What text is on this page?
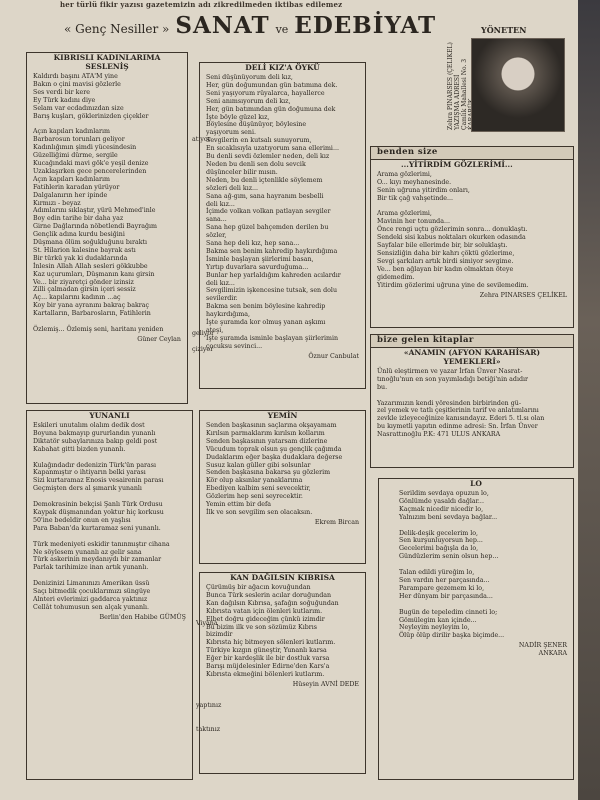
her türlü fikir yazısı gazetemizin adı zikredilmeden iktibas edilemez
« Genç Nesiller » SANAT ve EDEBİYAT	YÖNETEN
Zehra PINARSES (ÇELİKEL) YAZIŞMA ADRESİ Çamlık Mahallesi No. 3
KIBRISLI KADINLARIMA
SESLENİŞ
Kaldırdı başını ATA'M yine
Bakın o çini mavisi gözlerle
Ses verdi bir kere
Ey Türk kadını diye
Selam var ecdadınızdan size
Barış kuşları, göklerinizden çiçekler

Açın kapıları kadınlarım
Barbarosun torunları geliyor
Kadınlığımın şimdi yücesindesin
Güzelliğimi dürme, sergile
Kucağındaki mavi gök'e yeşil denize
Uzaklaşırken gece pencerelerinden
Açın kapıları kadınlarım
Fatihlerin karadan yürüyor
Dalgalanırın her ipinde
Kırmızı - beyaz
Adımlarını sıklaştır, yürü Mehmed'inle
Boy edin tarihe bir daha yaz
Girne Dağlarında nöbetlendi Bayrağım
Gençlik adına kurdu besiğini
Düşmana ölüm soğukluğunu bıraktı
St. Hilarion kalesine bayrak astı
Bir türkü yak ki dudaklarında
İnlesin Allah Allah sesleri gökkubbe
Kaz uçurumları, Düşmanın kanı girsin
Ve... bir ziyaretçi gönder izinsiz
Zilli çalmadan girsin içeri sessiz
Aç... kapılarını kadının ...aç
Koy bir yana ayranını bakraç bakraç
Kartalların, Barbarosların, Fatihlerin

Özlemiş... Özlemiş seni, haritanı yeniden
Güner Ceylan
atıyor
geliyor
çiziyor
DELİ KIZ'A ÖYKÜ
Seni düşünüyorum deli kız,
Her, gün doğumundan gün batımına dek.
Seni yaşıyorum rüyalarca, hayallerce
Seni anımsıyorum deli kız,
Her, gün batımından gün doğumuna dek
İşte böyle güzel kız,
Böylesine düşünüyor, böylesine
yaşıyorum seni.
Sevgilerin en kutsalı sunuyorum,
En sıcaklısıyla uzatıyorum sana ellerimi...
Bu denli sevdi özlemler neden, deli kız
Neden bu denli sen dolu sevcik
düşünceler bilir mısın.
Neden, bu denli içtenlikle söylemem
sözleri deli kız...
Sana ağ-gım, sana hayranım besbelli
deli kız...
İçimde volkan volkan patlayan sevgiler
sana...
Sana hep güzel bahçemden derilen bu
sözler,
Sana hep deli kız, hep sana...
Bakma sen benim kahredip haykırdığıma
İsminle başlayan şiirlerimi basan,
Yırtıp duvarlara savurduğuma...
Bunlar hep yarlaldığım kahreden acılardır
deli kız...
Sevgilimizin işkencesine tutsak, sen dolu
sevilerdir.
Bakma sen benim böylesine kahredip
haykırdığıma,
İşte şuramda kor olmuş yanan aşkımı
ateşi,
İşte şuramda isminle başlayan şiirlerimin
çocuksu sevinci...
Öznur Canbulat
benden size
...YİTİRDİM GÖZLERİMİ...
Arama gözlerimi,
O... kıyı meyhanesinde.
Senin uğruna yitirdim onları,
Bir tik çağ vahşetinde...

Arama gözlerimi,
Mavinin her tonunda...
Önce rengi uçtu gözlerimin sonra... donuklaştı.
Sendeki sisi kabus noktaları okurken odasında
Sayfalar bile ellerimde bir, bir soluklaştı.
Sensizliğin daha bir kahrı çöktü gözlerime,
Sevgi şarkıları artık birdi simiyor sevgime.
Ve... ben ağlayan bir kadın olmaktan öteye
gidemedim.
Yitirdim gözlerimi uğruna yine de sevilemedim.
Zehra PINARSES ÇELİKEL
bize gelen kitaplar
«ANAMIN (AFYON KARAHİSAR)
YEMEKLERİ»
Ünlü eleştirmen ve yazar İrfan Ünver Nasrat-
tınoğlu'nun en son yayımladığı betiği'nin adıdır
bu.

Yazarımızın kendi yöresinden birbirinden gü-
zel yemek ve tatlı çeşitlerinin tarif ve anlatımlarını
zevkle izleyeceğinize kanısındayız. Ederi 5. tl.sı olan
bu kıymetli yapıtın edinme adresi: Sn. İrfan Ünver
Nasrattınoğlu P.K: 471 ULUS ANKARA
YUNANLI
Eskileri unutalım olalım dedik dost
Boyuna bakmayıp gururlandın yunanlı
Diktatör subaylarınıza bakıp geldi post
Kabahat gitti bizden yunanlı.

Kulağındadır dedenizin Türk'ün parası
Kapanmıştır o ihtiyarın belki yarası
Sizi kurtaramaz Enosis vesairenin parası
Geçmişten ders al şımarık yunanlı

Demokrasinin bekçisi Şanlı Türk Ordusu
Kaypak düşmanından yoktur hiç korkusu
50'ine bedeldir onun en yaşlısı
Para Baban'da kurtaramaz seni yunanlı.

Türk medeniyeti eskidir tanınmıştır cihana
Ne söylesem yunanlı az gelir sana
Türk askerinin meydanıydı bir zamanlar
Parlak tarihimize inan artık yunanlı.

Denizinizi Limanınızı Amerikan üssü
Saçı bitmedik çocuklarımızı süngüye
Alnteri evlerimizi gaddarca yaktınız
Cellât tohumusun sen alçak yunanlı.
Berlin'den Habibe GÜMÜŞ
Viyana
yaptınız
taktınız
YEMİN
Senden başkasının saçlarına okşayamam
Kırılsın parmaklarım kırılsın kollarım
Senden başkasının yatarsam dizlerine
Vücudum toprak olsun şu gençlik çağımda
Dudaklarım eğer başka dudaklara değerse
Susuz kalan güller gibi solsunlar
Senden başkasına bakarsa şu gözlerim
Kör olup aksınlar yanaklarıma
Ebediyen kalbim seni sevecektir,
Gözlerim hep seni seyrecektir.
Yemin ettim bir defa
İlk ve son sevgilim sen olacaksın.
Ekrem Bircan
KAN DAĞILSIN KIBRISA
Çürümüş bir ağacın kovuğundan
Bunca Türk seslerin acılar doruğundan
Kan dağılsın Kıbrısa, şafağın soğuğundan
Kıbrısta vatan için ölenleri kutlarım.
Elbet doğru gideceğim çünkü izimdir
Bu bizim ilk ve son sözümüz Kıbrıs
bizimdir
Kıbrısta hiç bitmeyen sölenleri kutlarım.
Türkiye kızgın güneştir, Yunanlı karsa
Eğer bir kardeşlik ile bir dostluk varsa
Barışı müjdelesinler Edirne'den Kars'a
Kıbrısta ekmeğini bölenleri kutlarım.
Hüseyin AVNİ DEDE
LO
Serildim sevdaya opuzun lo,
Gönlümde yasaldı dağlar...
Kaçmak nicedir nicedir lo,
Yalnızım beni sevdaya bağlar...

Delik-deşik gecelerim lo,
Sen kurşunluyorsun hep...
Gecelerimi bağışla da lo,
Gündüzlerim senin olsun hep...

Talan edildi yüreğim lo,
Sen vardın her parçasında...
Parampare gezemem ki lo,
Her dünyam bir parçasında...

Bugün de tepeledim cinneti lo;
Gömülegim kan içinde...
Neyleyim neyleyim lo,
Ölüp ölüp dirilir başka biçimde...
NADİR ŞENER
ANKARA
